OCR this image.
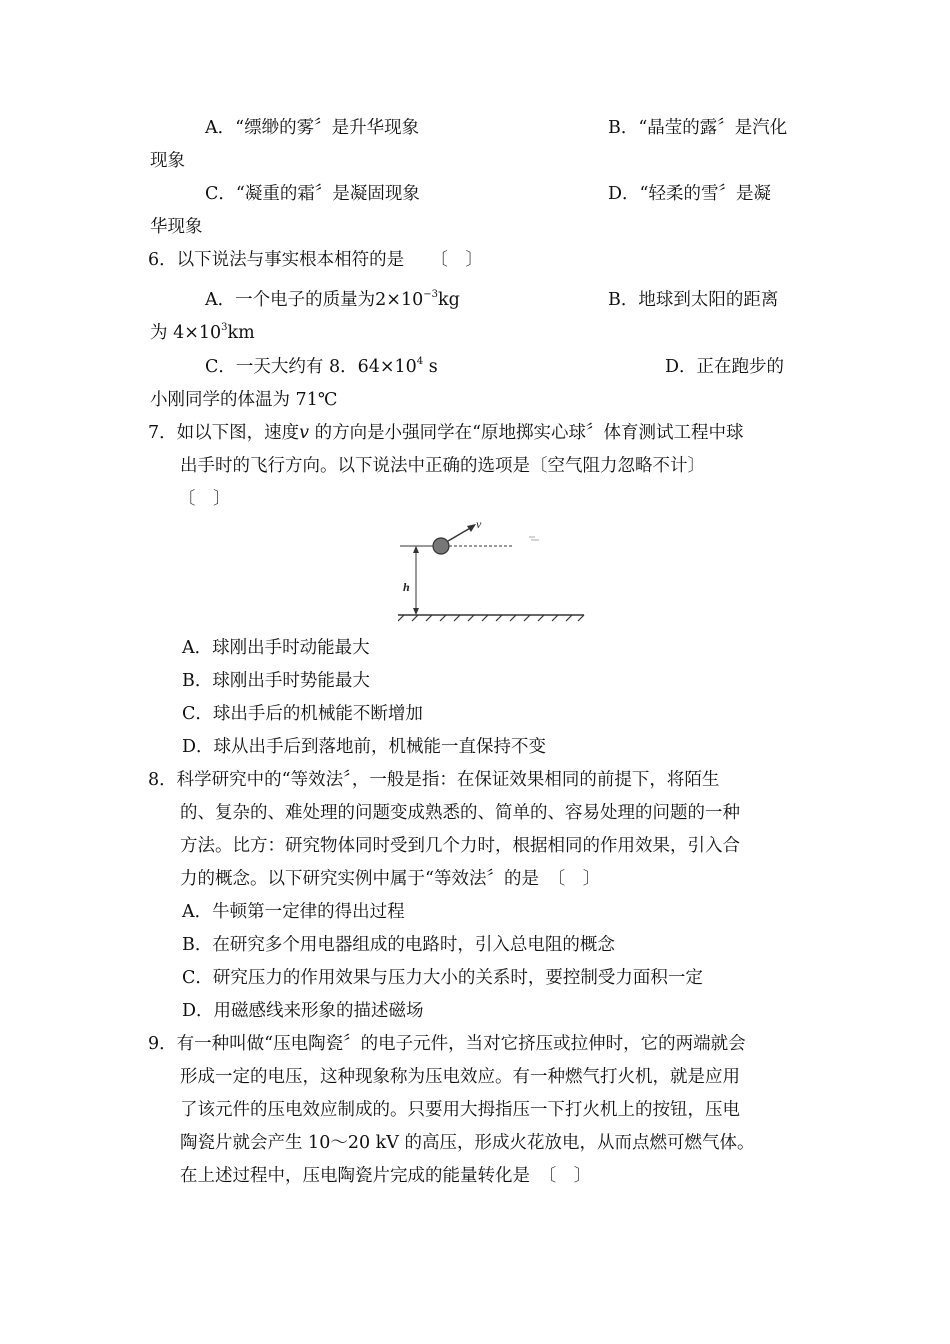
A．“缥缈的雾〞是升华现象	B．“晶莹的露〞是汽化
现象
C．“凝重的霜〞是凝固现象	D．“轻柔的雪〞是凝
华现象
6．以下说法与事实根本相符的是　　〔　〕
A．一个电子的质量为$2\times 10^{-3}kg$	B．地球到太阳的距离
为 $4\times 10^3km$
C．一天大约有 8．$64\times 10^4$ s	D．正在跑步的
小刚同学的体温为 71℃
7．如以下图，速度v 的方向是小强同学在“原地掷实心球〞体育测试工程中球
出手时的飞行方向。以下说法中正确的选项是〔空气阻力忽略不计〕
〔　〕
h
v
A．球刚出手时动能最大
B．球刚出手时势能最大
C．球出手后的机械能不断增加
D．球从出手后到落地前，机械能一直保持不变
8．科学研究中的“等效法〞，一般是指：在保证效果相同的前提下，将陌生
的、复杂的、难处理的问题变成熟悉的、简单的、容易处理的问题的一种
方法。比方：研究物体同时受到几个力时，根据相同的作用效果，引入合
力的概念。以下研究实例中属于“等效法〞的是　〔　〕
A．牛顿第一定律的得出过程
B．在研究多个用电器组成的电路时，引入总电阻的概念
C．研究压力的作用效果与压力大小的关系时，要控制受力面积一定
D．用磁感线来形象的描述磁场
9．有一种叫做“压电陶瓷〞的电子元件，当对它挤压或拉伸时，它的两端就会
形成一定的电压，这种现象称为压电效应。有一种燃气打火机，就是应用
了该元件的压电效应制成的。只要用大拇指压一下打火机上的按钮，压电
陶瓷片就会产生 10～20 kV 的高压，形成火花放电，从而点燃可燃气体。
在上述过程中，压电陶瓷片完成的能量转化是　〔　〕
